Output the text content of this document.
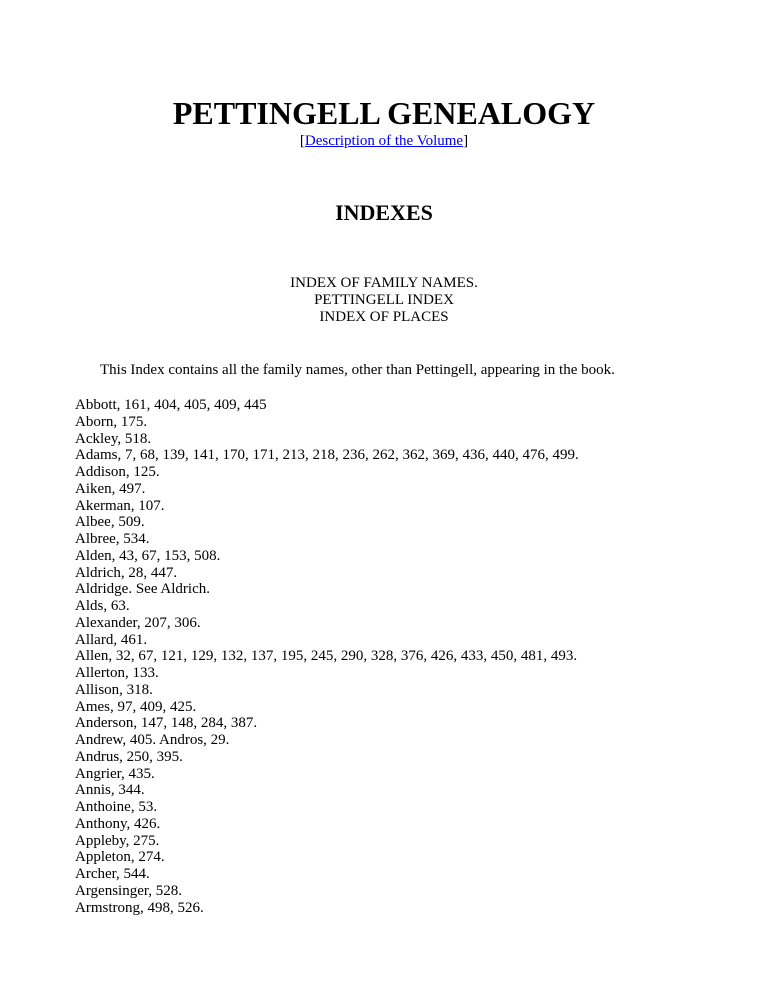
PETTINGELL GENEALOGY
[Description of the Volume]
INDEXES
INDEX OF FAMILY NAMES.
PETTINGELL INDEX
INDEX OF PLACES
This Index contains all the family names, other than Pettingell, appearing in the book.
Abbott, 161, 404, 405, 409, 445
Aborn, 175.
Ackley, 518.
Adams, 7, 68, 139, 141, 170, 171, 213, 218, 236, 262, 362, 369, 436, 440, 476, 499.
Addison, 125.
Aiken, 497.
Akerman, 107.
Albee, 509.
Albree, 534.
Alden, 43, 67, 153, 508.
Aldrich, 28, 447.
Aldridge. See Aldrich.
Alds, 63.
Alexander, 207, 306.
Allard, 461.
Allen, 32, 67, 121, 129, 132, 137, 195, 245, 290, 328, 376, 426, 433, 450, 481, 493.
Allerton, 133.
Allison, 318.
Ames, 97, 409, 425.
Anderson, 147, 148, 284, 387.
Andrew, 405. Andros, 29.
Andrus, 250, 395.
Angrier, 435.
Annis, 344.
Anthoine, 53.
Anthony, 426.
Appleby, 275.
Appleton, 274.
Archer, 544.
Argensinger, 528.
Armstrong, 498, 526.
